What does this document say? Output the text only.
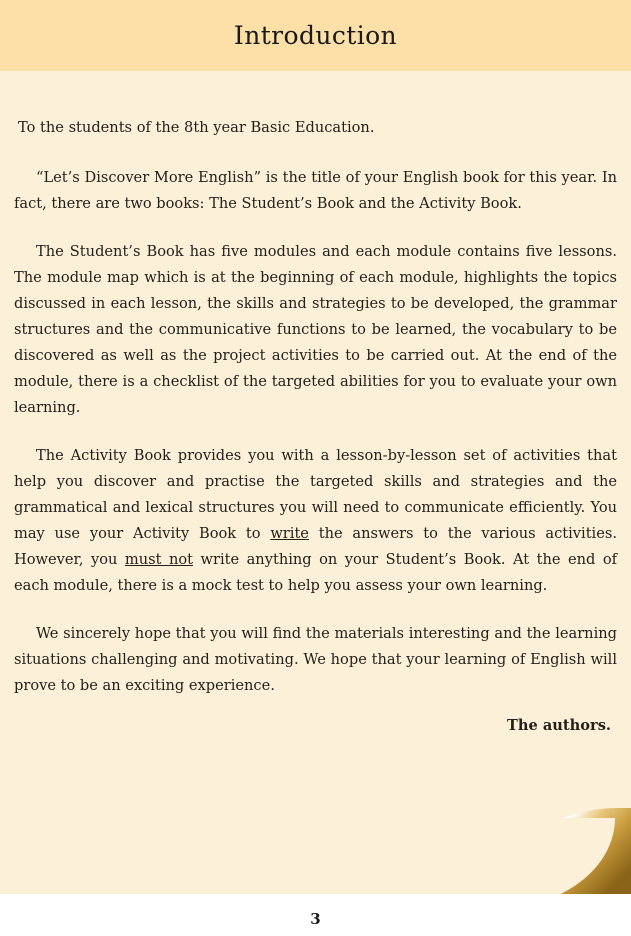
Introduction

To the students of the 8th year Basic Education.

“Let’s Discover More English” is the title of your English book for this year. In fact, there are two books: The Student’s Book and the Activity Book.

The Student’s Book has five modules and each module contains five lessons. The module map which is at the beginning of each module, highlights the topics discussed in each lesson, the skills and strategies to be developed, the grammar structures and the communicative functions to be learned, the vocabulary to be discovered as well as the project activities to be carried out. At the end of the module, there is a checklist of the targeted abilities for you to evaluate your own learning.

The Activity Book provides you with a lesson-by-lesson set of activities that help you discover and practise the targeted skills and strategies and the grammatical and lexical structures you will need to communicate efficiently. You may use your Activity Book to write the answers to the various activities. However, you must not write anything on your Student’s Book. At the end of each module, there is a mock test to help you assess your own learning.

We sincerely hope that you will find the materials interesting and the learning situations challenging and motivating. We hope that your learning of English will prove to be an exciting experience.

The authors.
3
